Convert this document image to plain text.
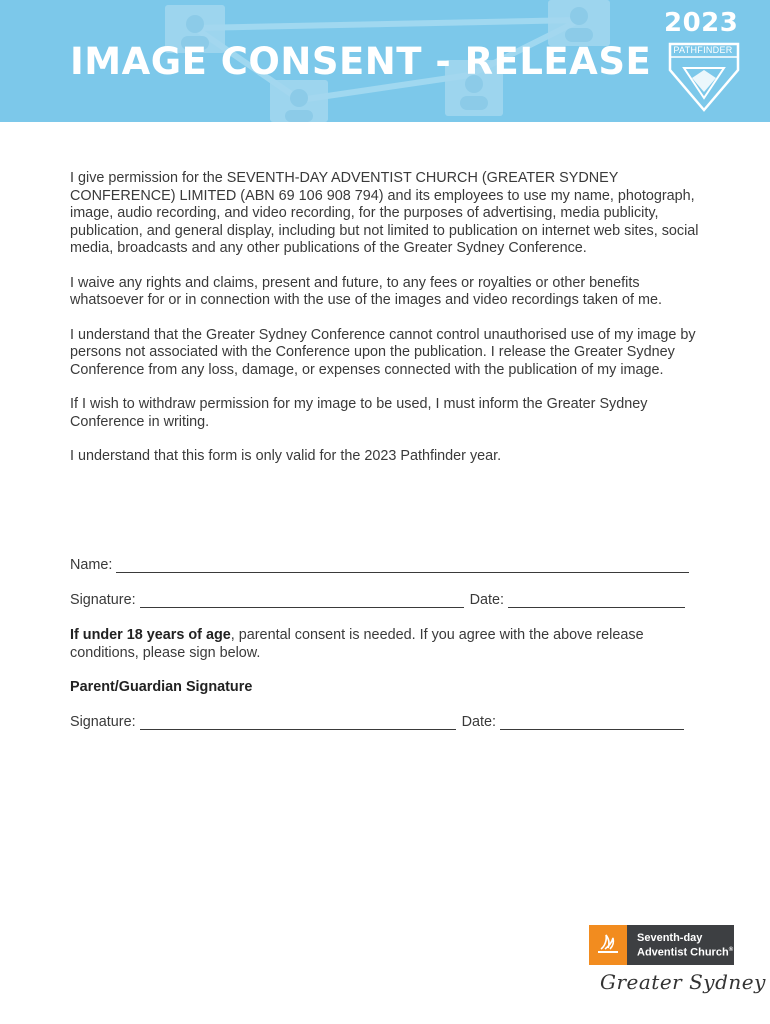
IMAGE CONSENT - RELEASE
2023
PATHFINDER

I give permission for the SEVENTH-DAY ADVENTIST CHURCH (GREATER SYDNEY CONFERENCE) LIMITED (ABN 69 106 908 794) and its employees to use my name, photograph, image, audio recording, and video recording, for the purposes of advertising, media publicity, publication, and general display, including but not limited to publication on internet web sites, social media, broadcasts and any other publications of the Greater Sydney Conference.

I waive any rights and claims, present and future, to any fees or royalties or other benefits whatsoever for or in connection with the use of the images and video recordings taken of me.

I understand that the Greater Sydney Conference cannot control unauthorised use of my image by persons not associated with the Conference upon the publication. I release the Greater Sydney Conference from any loss, damage, or expenses connected with the publication of my image.

If I wish to withdraw permission for my image to be used, I must inform the Greater Sydney Conference in writing.

I understand that this form is only valid for the 2023 Pathfinder year.

Name:
Signature:	Date:
If under 18 years of age, parental consent is needed. If you agree with the above release conditions, please sign below.
Parent/Guardian Signature
Signature:	Date:
Seventh-day
Adventist Church®
Greater Sydney
